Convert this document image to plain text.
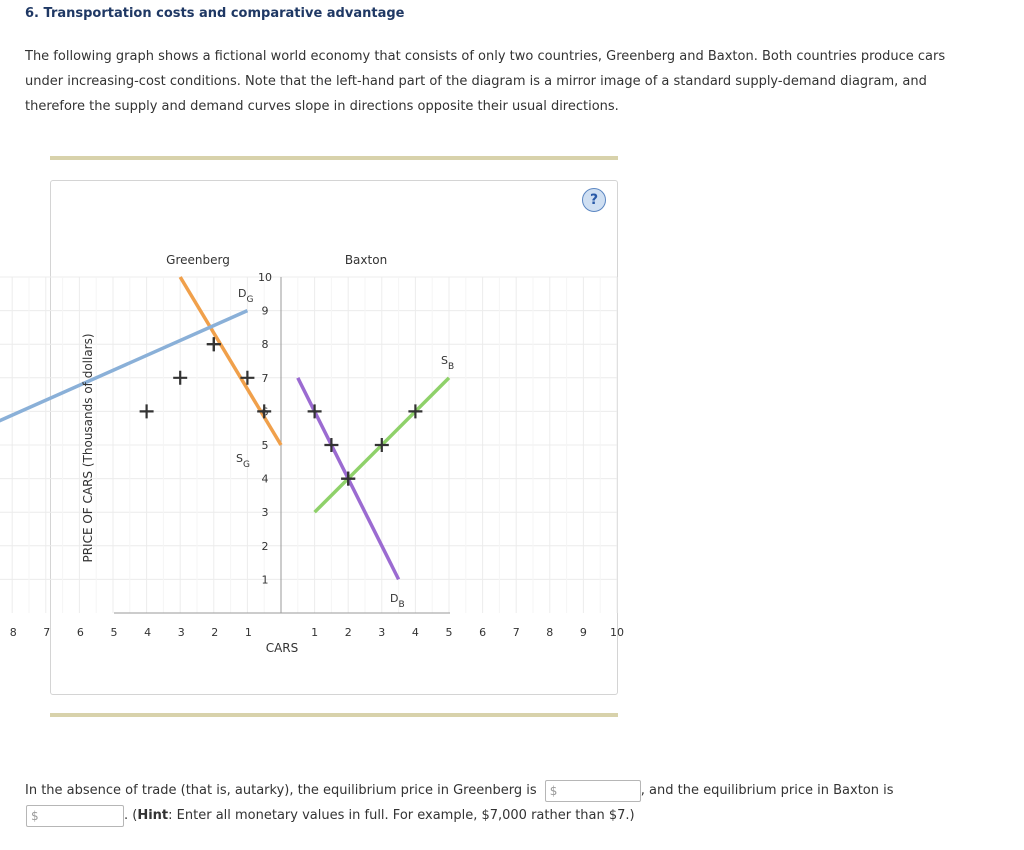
6. Transportation costs and comparative advantage
The following graph shows a fictional world economy that consists of only two countries, Greenberg and Baxton. Both countries produce cars under increasing-cost conditions. Note that the left-hand part of the diagram is a mirror image of a standard supply-demand diagram, and therefore the supply and demand curves slope in directions opposite their usual directions.
?
Greenberg	Baxton
PRICE OF CARS (Thousands of dollars)
CARS
1
2
3
4
5
6
7
8
9
10
8 7 6 5 4 3 2 1	1 2 3 4 5 6 7 8 9 10
$D_G$
$S_G$
$D_B$
$S_B$
In the absence of trade (that is, autarky), the equilibrium price in Greenberg is $	, and the equilibrium price in Baxton is

$	. (Hint: Enter all monetary values in full. For example, $7,000 rather than $7.)
